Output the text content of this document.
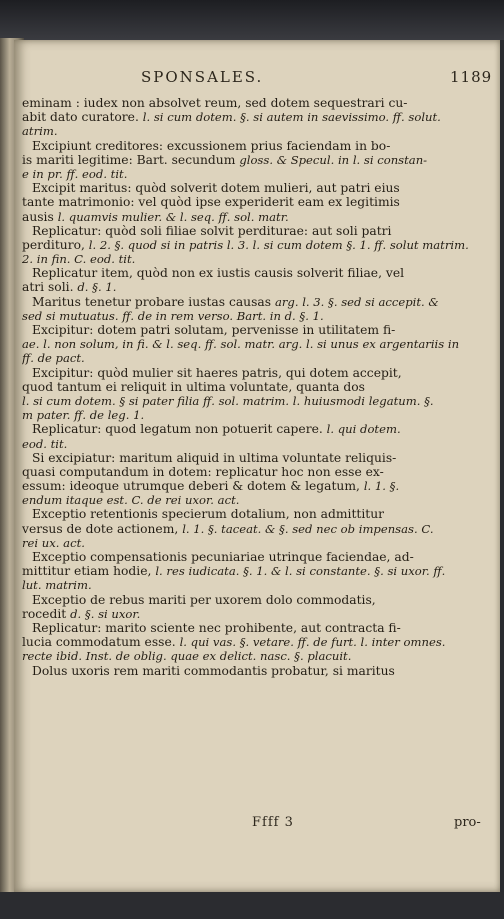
SPONSALES.	1189
eminam : iudex non absolvet reum, sed dotem sequestrari cu-
abit dato curatore. l. si cum dotem. §. si autem in saevissimo. ff. solut.
atrim.
Excipiunt creditores: excussionem prius faciendam in bo-
is mariti legitime: Bart. secundum gloss. & Specul. in l. si constan-
e in pr. ff. eod. tit.
Excipit maritus: quòd solverit dotem mulieri, aut patri eius
tante matrimonio: vel quòd ipse experiderit eam ex legitimis
ausis l. quamvis mulier. & l. seq. ff. sol. matr.
Replicatur: quòd soli filiae solvit perditurae: aut soli patri
perdituro, l. 2. §. quod si in patris l. 3. l. si cum dotem §. 1. ff. solut matrim.
2. in fin. C. eod. tit.
Replicatur item, quòd non ex iustis causis solverit filiae, vel
atri soli. d. §. 1.
Maritus tenetur probare iustas causas arg. l. 3. §. sed si accepit. &
sed si mutuatus. ff. de in rem verso. Bart. in d. §. 1.
Excipitur: dotem patri solutam, pervenisse in utilitatem fi-
ae. l. non solum, in fi. & l. seq. ff. sol. matr. arg. l. si unus ex argentariis in
ff. de pact.
Excipitur: quòd mulier sit haeres patris, qui dotem accepit,
quod tantum ei reliquit in ultima voluntate, quanta dos
l. si cum dotem. § si pater filia ff. sol. matrim. l. huiusmodi legatum. §.
m pater. ff. de leg. 1.
Replicatur: quod legatum non potuerit capere. l. qui dotem.
eod. tit.
Si excipiatur: maritum aliquid in ultima voluntate reliquis-
quasi computandum in dotem: replicatur hoc non esse ex-
essum: ideoque utrumque deberi & dotem & legatum, l. 1. §.
endum itaque est. C. de rei uxor. act.
Exceptio retentionis specierum dotalium, non admittitur
versus de dote actionem, l. 1. §. taceat. & §. sed nec ob impensas. C.
rei ux. act.
Exceptio compensationis pecuniariae utrinque faciendae, ad-
mittitur etiam hodie, l. res iudicata. §. 1. & l. si constante. §. si uxor. ff.
lut. matrim.
Exceptio de rebus mariti per uxorem dolo commodatis,
rocedit d. §. si uxor.
Replicatur: marito sciente nec prohibente, aut contracta fi-
lucia commodatum esse. l. qui vas. §. vetare. ff. de furt. l. inter omnes.
recte ibid. Inst. de oblig. quae ex delict. nasc. §. placuit.
Dolus uxoris rem mariti commodantis probatur, si maritus
Ffff 3	pro-
